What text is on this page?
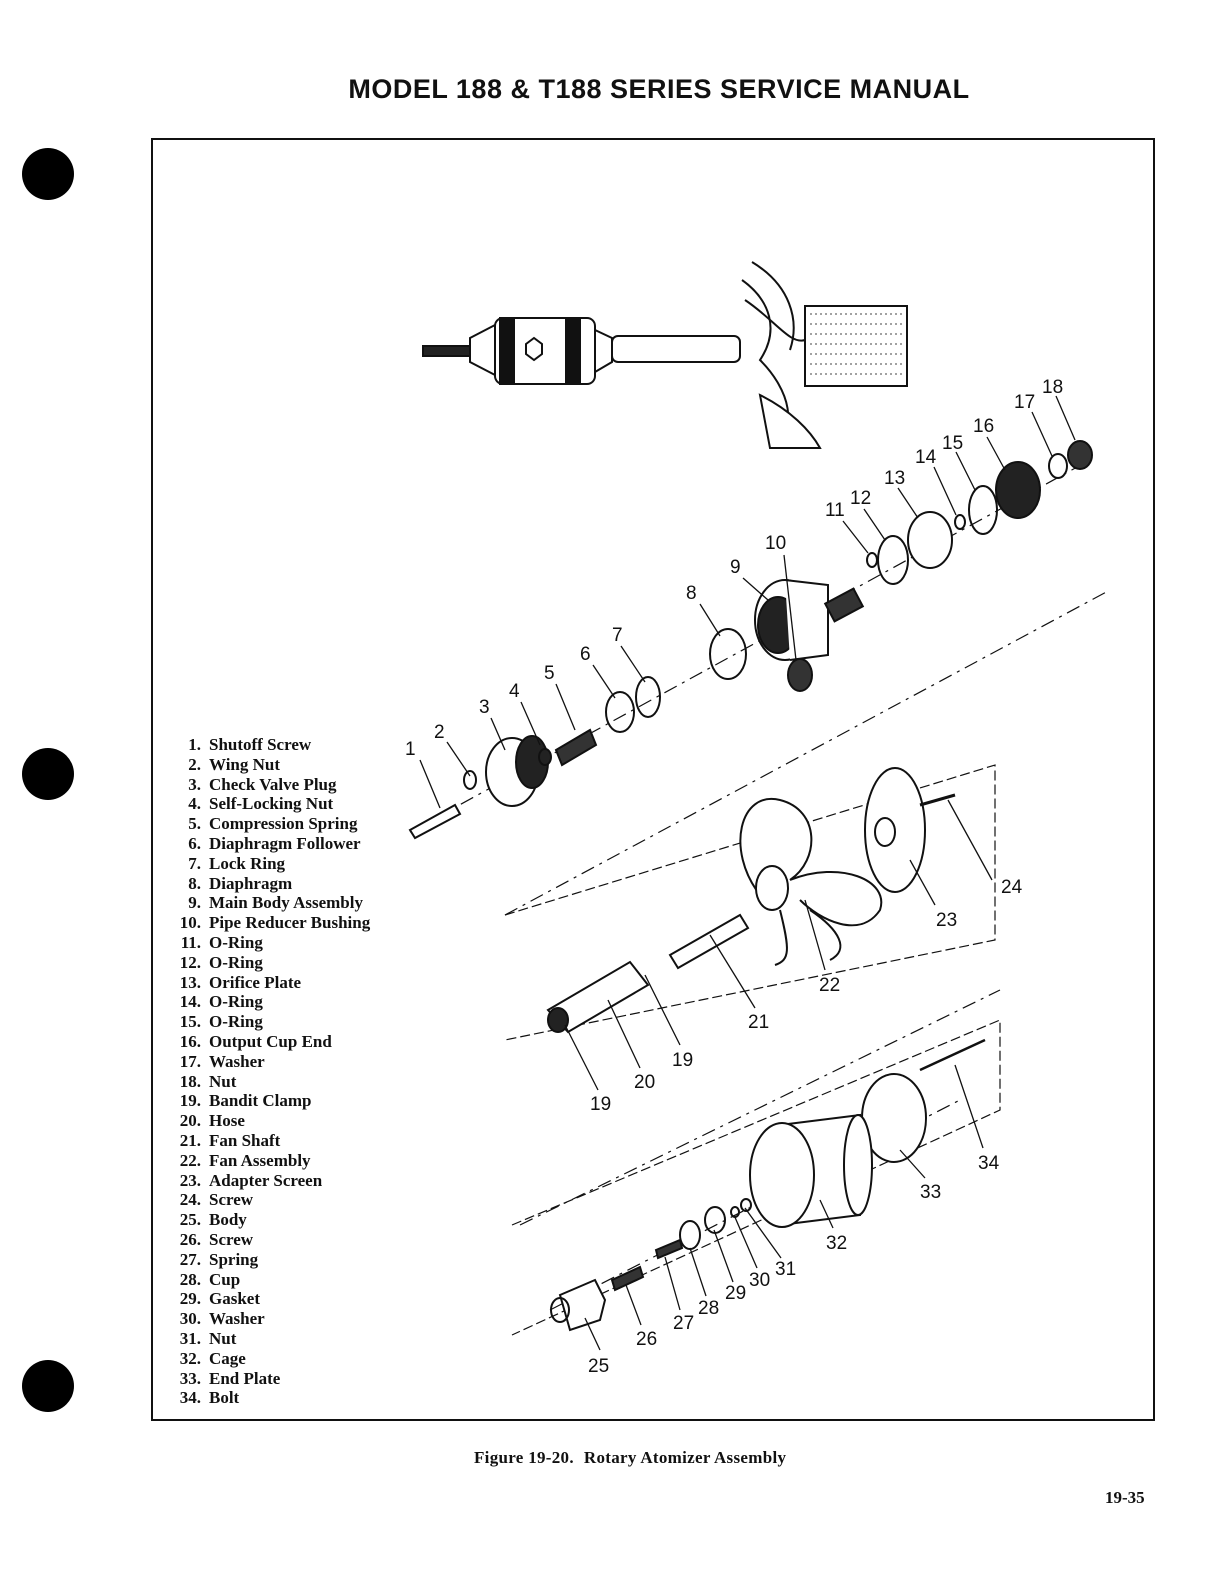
MODEL 188 & T188 SERIES SERVICE MANUAL
1
2
3
4
5
6
7
8
9
10
11
12
13
14
15
16
17
18
19
19
20
21
22
23
24
25
26
27
28
29
30
31
32
33
34
1. Shutoff Screw
2. Wing Nut
3. Check Valve Plug
4. Self-Locking Nut
5. Compression Spring
6. Diaphragm Follower
7. Lock Ring
8. Diaphragm
9. Main Body Assembly
10. Pipe Reducer Bushing
11. O-Ring
12. O-Ring
13. Orifice Plate
14. O-Ring
15. O-Ring
16. Output Cup End
17. Washer
18. Nut
19. Bandit Clamp
20. Hose
21. Fan Shaft
22. Fan Assembly
23. Adapter Screen
24. Screw
25. Body
26. Screw
27. Spring
28. Cup
29. Gasket
30. Washer
31. Nut
32. Cage
33. End Plate
34. Bolt
Figure 19-20. Rotary Atomizer Assembly
19-35
